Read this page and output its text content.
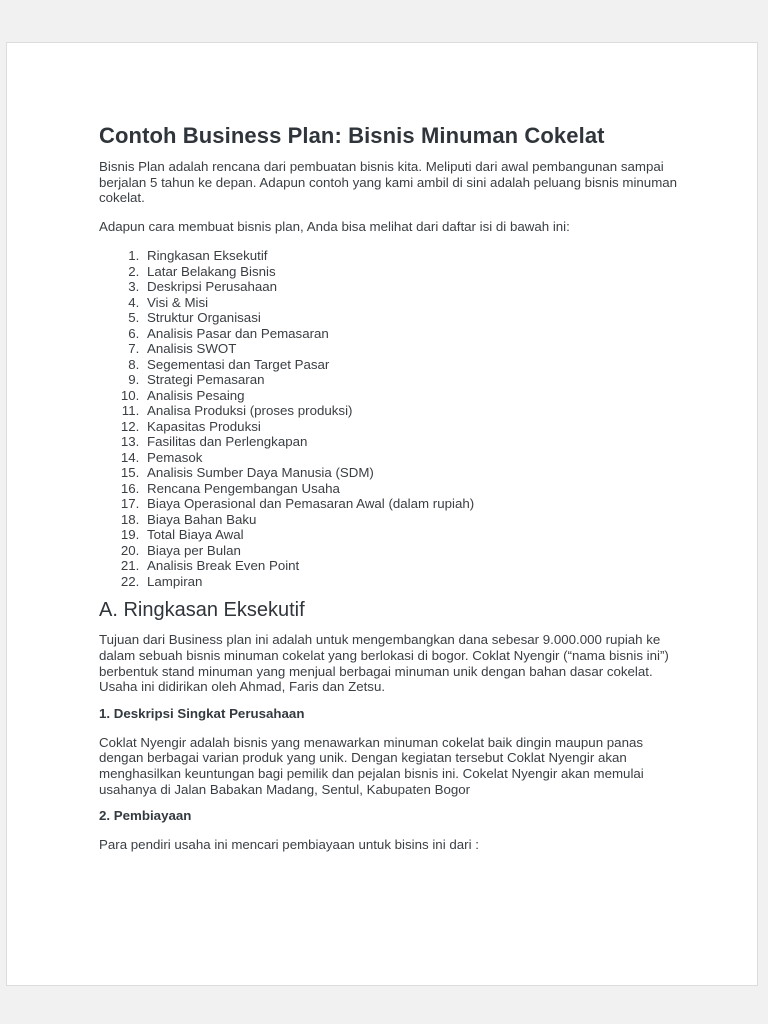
Contoh Business Plan: Bisnis Minuman Cokelat

Bisnis Plan adalah rencana dari pembuatan bisnis kita. Meliputi dari awal pembangunan sampai berjalan 5 tahun ke depan. Adapun contoh yang kami ambil di sini adalah peluang bisnis minuman cokelat.

Adapun cara membuat bisnis plan, Anda bisa melihat dari daftar isi di bawah ini:

1. Ringkasan Eksekutif
2. Latar Belakang Bisnis
3. Deskripsi Perusahaan
4. Visi & Misi
5. Struktur Organisasi
6. Analisis Pasar dan Pemasaran
7. Analisis SWOT
8. Segementasi dan Target Pasar
9. Strategi Pemasaran
10. Analisis Pesaing
11. Analisa Produksi (proses produksi)
12. Kapasitas Produksi
13. Fasilitas dan Perlengkapan
14. Pemasok
15. Analisis Sumber Daya Manusia (SDM)
16. Rencana Pengembangan Usaha
17. Biaya Operasional dan Pemasaran Awal (dalam rupiah)
18. Biaya Bahan Baku
19. Total Biaya Awal
20. Biaya per Bulan
21. Analisis Break Even Point
22. Lampiran
A. Ringkasan Eksekutif

Tujuan dari Business plan ini adalah untuk mengembangkan dana sebesar 9.000.000 rupiah ke dalam sebuah bisnis minuman cokelat yang berlokasi di bogor. Coklat Nyengir (“nama bisnis ini”) berbentuk stand minuman yang menjual berbagai minuman unik dengan bahan dasar cokelat. Usaha ini didirikan oleh Ahmad, Faris dan Zetsu.

1. Deskripsi Singkat Perusahaan

Coklat Nyengir adalah bisnis yang menawarkan minuman cokelat baik dingin maupun panas dengan berbagai varian produk yang unik. Dengan kegiatan tersebut Coklat Nyengir akan menghasilkan keuntungan bagi pemilik dan pejalan bisnis ini. Cokelat Nyengir akan memulai usahanya di Jalan Babakan Madang, Sentul, Kabupaten Bogor

2. Pembiayaan

Para pendiri usaha ini mencari pembiayaan untuk bisins ini dari :
